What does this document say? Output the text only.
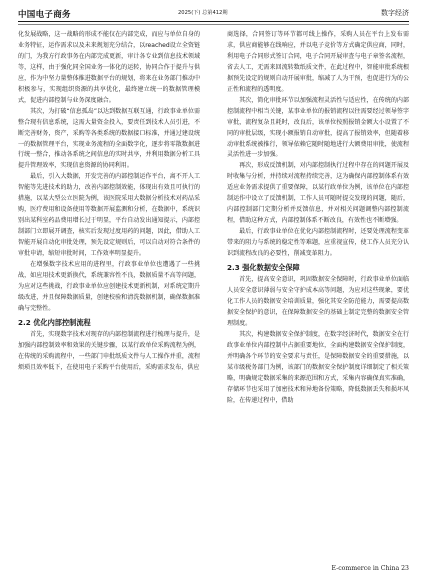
中国电子商务	2025(下) 总第412期	数字经济

化发展战略，这一战略的形成不能仅在内部完成，而应与单位自身的业务特征，运作需求以及未来规划充分结合，以reached设立全资链的门，为我方行政事务在内部完成更新，审计各专业到信息技术领域等，这样，由于强化同全国业务一体化的运转，协同合作于提升与供应，作为中坚力量整体推进数据平台的规划，将来在业务部门推动中积极参与，实现组织资源的共享优化，最终建立统一的数据管理模式，促进内部控制与业务深度融合。

其次，为打破“信息孤岛”以达到数据互联互通，行政事业单位需整合现有信息系统，这需大量资金投入，要责任到技术人员引进，不断完善财务，资产，采购等各类系统的数据接口标准，并通过建设统一的数据管理平台，实现业务流程的全面数字化，逐步将零散数据进行统一整合，推动各系统之间信息的实时共享，并利用数据分析工具提升管理效率，实现信息资源的协同利用。

最后，引入大数据，开发完善的内部控制运作平台，离不开人工智能等先进技术的助力，改善内部控制效能，体现出有效且可执行的措施，以某大型公立医院为例，该医院采用大数据分析技术对药品采购，医疗费用和设备使用等数据开展监测和分析，在数据中，系统识别出某科室药品费用增长过于明显，平台自动发出通知提示，内部控制部门立即展开调查，核实后发现过度用药的问题，因此，借助人工智能开展自动化审批处理，预先设定规则后，可以自动对符合条件的审批申请，缩短审批时间，工作效率明显提升。

在增强数字技术应用的进程里，行政事业单位也遭遇了一些挑战，如应用技术更新换代，系统兼容性不良，数据质量不高等问题，为应对这些挑战，行政事业单位应创建技术更新机制，对系统定期升级改进，并且保障数据质量，创建校验和清洗数据机制，确保数据准确与完整性。

2.2 优化内部控制流程

首先，实现数字技术对现存的内部控制流程进行梳理与提升，是加强内部控制效率和效果的关键步骤，以某行政单位采购流程为例，在传统的采购流程中，一些部门申批纸质文件与人工操作并重，流程烦琐且效率低下，在使用电子采购平台使用后，采购需求发布，供应

商选择，合同签订等环节都可线上操作，采购人员在平台上发布需求，供应商能够在线响应，并以电子竞价等方式确定供应商，同时，利用电子合同形式签订合同，电子合同开展审查与电子章签名流程，省去人工，无需来回流转数纸质文件，在此过程中，智能审批系统根据预先设定的规则自动开展审批，缩减了人为干预，也促进行为的公正性和流程的透明度。

其次，简化审批环节以加强流程灵活性与适应性，在传统的内部控制流程中相当关键，某事业单位的报销流程以往需要经过领导签字审批，流程复杂且耗时，改良后，该单位按照报销金额大小设置了不同的审批层级，实现小额报销自动审批，提高了报销效率，但随着移动审批系统被推行，领导依赖它随时随地进行大额费用审批，使流程灵活性进一步加强。

再次，形成反馈机制，对内部控制执行过程中存在的问题开展及时收集与分析，并持续对流程持续完善，这为确保内部控制体系有效适应业务需求提供了重要保障，以某行政单位为例，该单位在内部控制运作中设立了反馈机制，工作人员可随时提交发现的问题，随后，内部控制部门定期分析并反馈信息，并对相关问题调整内部控制流程，借助这种方式，内部控制体系不断改良，有效性也不断增强。

最后，行政事业单位在优化内部控制流程时，还要处理流程变革带来的阻力与系统的稳定性等难题，应重视宣传，使工作人员充分认识到流程改良的必要性，削减变革阻力。

2.3 强化数据安全保障

首先，提高安全意识，巩固数据安全保障时，行政事业单位面临人员安全意识薄弱与安全守护成本高等问题，为应对这些现象，要优化工作人员的数据安全培训质量，强化其安全防范能力，需要提高数据安全保护的意识，在保障数据安全的基础上制定完整的数据安全管理制度。

其次，构建数据安全保护制度，在数字经济时代，数据安全在行政事业单位内部控制中占据重要地位，全面构建数据安全保护制度，并明确各个环节的安全要求与责任，是保障数据安全的重要措施，以某市级税务部门为例，该部门的数据安全保护制度详细制定了相关策略，明确规定数据采集的来源范围和方式，采集内容确保真实准确，存储环节也采用了加密技术和异地备份策略，降低数据丢失和损坏风险，在传递过程中，借助

E-commerce in China 23
